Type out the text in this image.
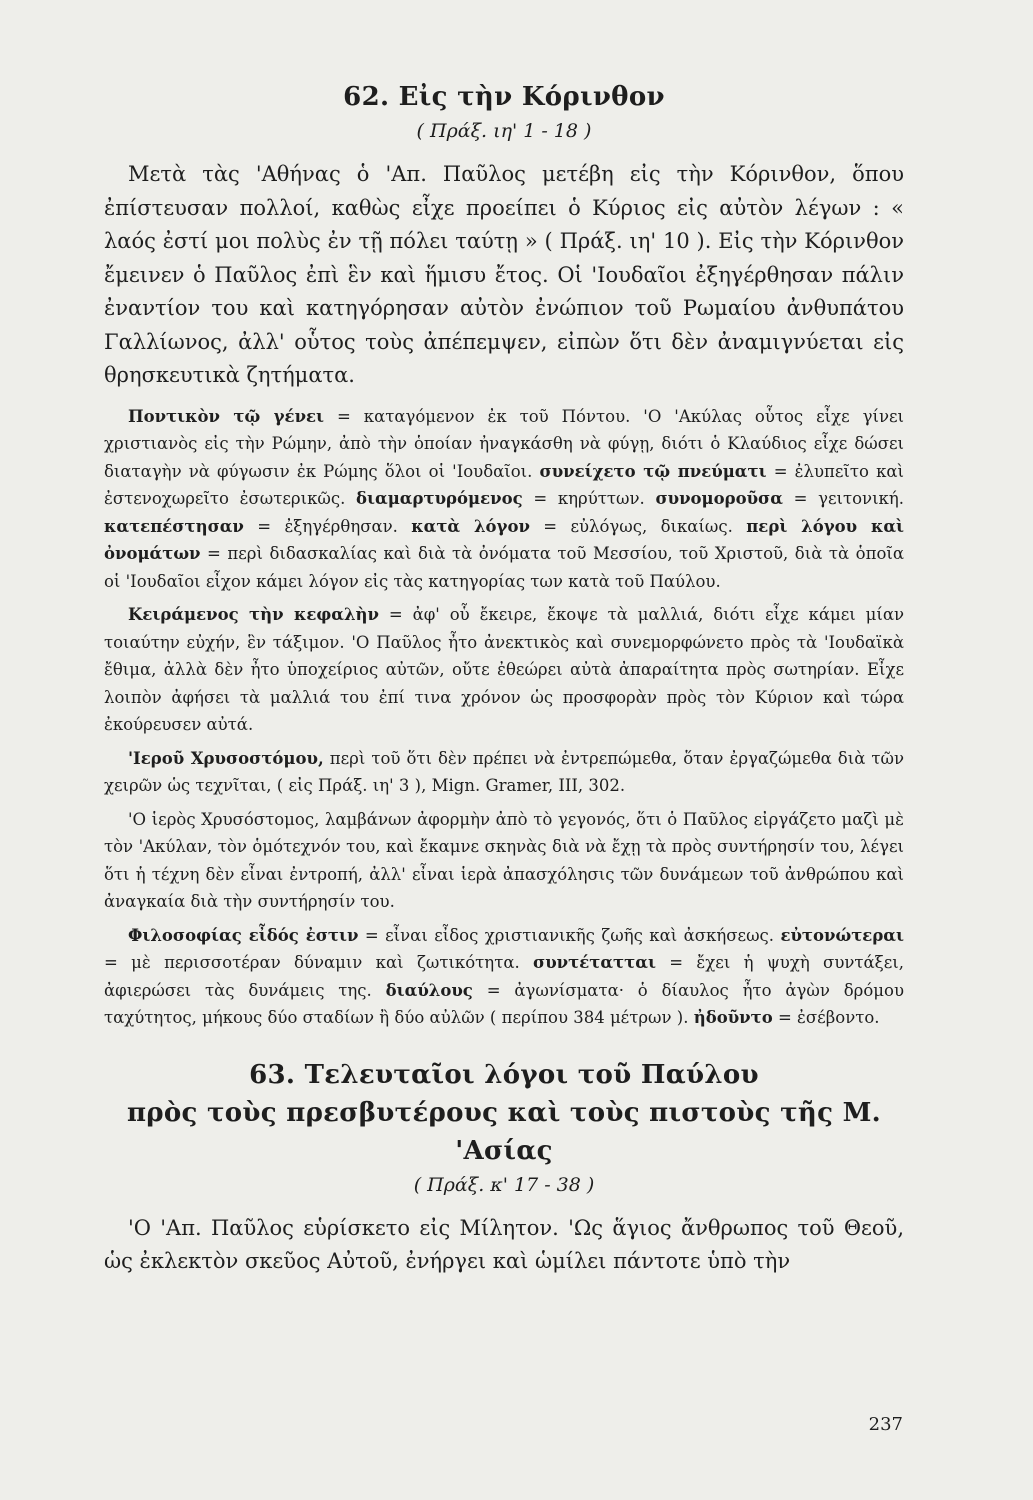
62. Εἰς τὴν Κόρινθον

( Πράξ. ιη' 1 - 18 )

Μετὰ τὰς 'Αθήνας ὁ 'Απ. Παῦλος μετέβη εἰς τὴν Κόρινθον, ὅπου ἐπίστευσαν πολλοί, καθὼς εἶχε προείπει ὁ Κύριος εἰς αὐτὸν λέγων : « λαός ἐστί μοι πολὺς ἐν τῇ πόλει ταύτῃ » ( Πράξ. ιη' 10 ). Εἰς τὴν Κόρινθον ἔμεινεν ὁ Παῦλος ἐπὶ ἓν καὶ ἥμισυ ἔτος. Οἱ 'Ιουδαῖοι ἐξηγέρθησαν πάλιν ἐναντίον του καὶ κατηγόρησαν αὐτὸν ἐνώπιον τοῦ Ρωμαίου ἀνθυπάτου Γαλλίωνος, ἀλλ' οὗτος τοὺς ἀπέπεμψεν, εἰπὼν ὅτι δὲν ἀναμιγνύεται εἰς θρησκευτικὰ ζητήματα.

Ποντικὸν τῷ γένει = καταγόμενον ἐκ τοῦ Πόντου. 'Ο 'Ακύλας οὗτος εἶχε γίνει χριστιανὸς εἰς τὴν Ρώμην, ἀπὸ τὴν ὁποίαν ἠναγκάσθη νὰ φύγῃ, διότι ὁ Κλαύδιος εἶχε δώσει διαταγὴν νὰ φύγωσιν ἐκ Ρώμης ὅλοι οἱ 'Ιουδαῖοι. συνείχετο τῷ πνεύματι = ἐλυπεῖτο καὶ ἐστενοχωρεῖτο ἐσωτερικῶς. διαμαρτυρόμενος = κηρύττων. συνομοροῦσα = γειτονική. κατεπέστησαν = ἐξηγέρθησαν. κατὰ λόγον = εὐλόγως, δικαίως. περὶ λόγου καὶ ὀνομάτων = περὶ διδασκαλίας καὶ διὰ τὰ ὀνόματα τοῦ Μεσσίου, τοῦ Χριστοῦ, διὰ τὰ ὁποῖα οἱ 'Ιουδαῖοι εἶχον κάμει λόγον εἰς τὰς κατηγορίας των κατὰ τοῦ Παύλου.

Κειράμενος τὴν κεφαλὴν = ἀφ' οὗ ἔκειρε, ἔκοψε τὰ μαλλιά, διότι εἶχε κάμει μίαν τοιαύτην εὐχήν, ἓν τάξιμον. 'Ο Παῦλος ἦτο ἀνεκτικὸς καὶ συνεμορφώνετο πρὸς τὰ 'Ιουδαϊκὰ ἔθιμα, ἀλλὰ δὲν ἦτο ὑποχείριος αὐτῶν, οὔτε ἐθεώρει αὐτὰ ἀπαραίτητα πρὸς σωτηρίαν. Εἶχε λοιπὸν ἀφήσει τὰ μαλλιά του ἐπί τινα χρόνον ὡς προσφορὰν πρὸς τὸν Κύριον καὶ τώρα ἐκούρευσεν αὐτά.

'Ιεροῦ Χρυσοστόμου, περὶ τοῦ ὅτι δὲν πρέπει νὰ ἐντρεπώμεθα, ὅταν ἐργαζώμεθα διὰ τῶν χειρῶν ὡς τεχνῖται, ( εἰς Πράξ. ιη' 3 ), Mign. Gramer, III, 302.

'Ο ἱερὸς Χρυσόστομος, λαμβάνων ἀφορμὴν ἀπὸ τὸ γεγονός, ὅτι ὁ Παῦλος εἰργάζετο μαζὶ μὲ τὸν 'Ακύλαν, τὸν ὁμότεχνόν του, καὶ ἔκαμνε σκηνὰς διὰ νὰ ἔχῃ τὰ πρὸς συντήρησίν του, λέγει ὅτι ἡ τέχνη δὲν εἶναι ἐντροπή, ἀλλ' εἶναι ἱερὰ ἀπασχόλησις τῶν δυνάμεων τοῦ ἀνθρώπου καὶ ἀναγκαία διὰ τὴν συντήρησίν του.

Φιλοσοφίας εἶδός ἐστιν = εἶναι εἶδος χριστιανικῆς ζωῆς καὶ ἀσκήσεως. εὐτονώτεραι = μὲ περισσοτέραν δύναμιν καὶ ζωτικότητα. συντέτατται = ἔχει ἡ ψυχὴ συντάξει, ἀφιερώσει τὰς δυνάμεις της. διαύλους = ἀγωνίσματα· ὁ δίαυλος ἦτο ἀγὼν δρόμου ταχύτητος, μήκους δύο σταδίων ἢ δύο αὐλῶν ( περίπου 384 μέτρων ). ἠδοῦντο = ἐσέβοντο.

63. Τελευταῖοι λόγοι τοῦ Παύλου
πρὸς τοὺς πρεσβυτέρους καὶ τοὺς πιστοὺς τῆς Μ. 'Ασίας

( Πράξ. κ' 17 - 38 )

'Ο 'Απ. Παῦλος εὑρίσκετο εἰς Μίλητον. 'Ως ἅγιος ἄνθρωπος τοῦ Θεοῦ, ὡς ἐκλεκτὸν σκεῦος Αὐτοῦ, ἐνήργει καὶ ὡμίλει πάντοτε ὑπὸ τὴν

237
